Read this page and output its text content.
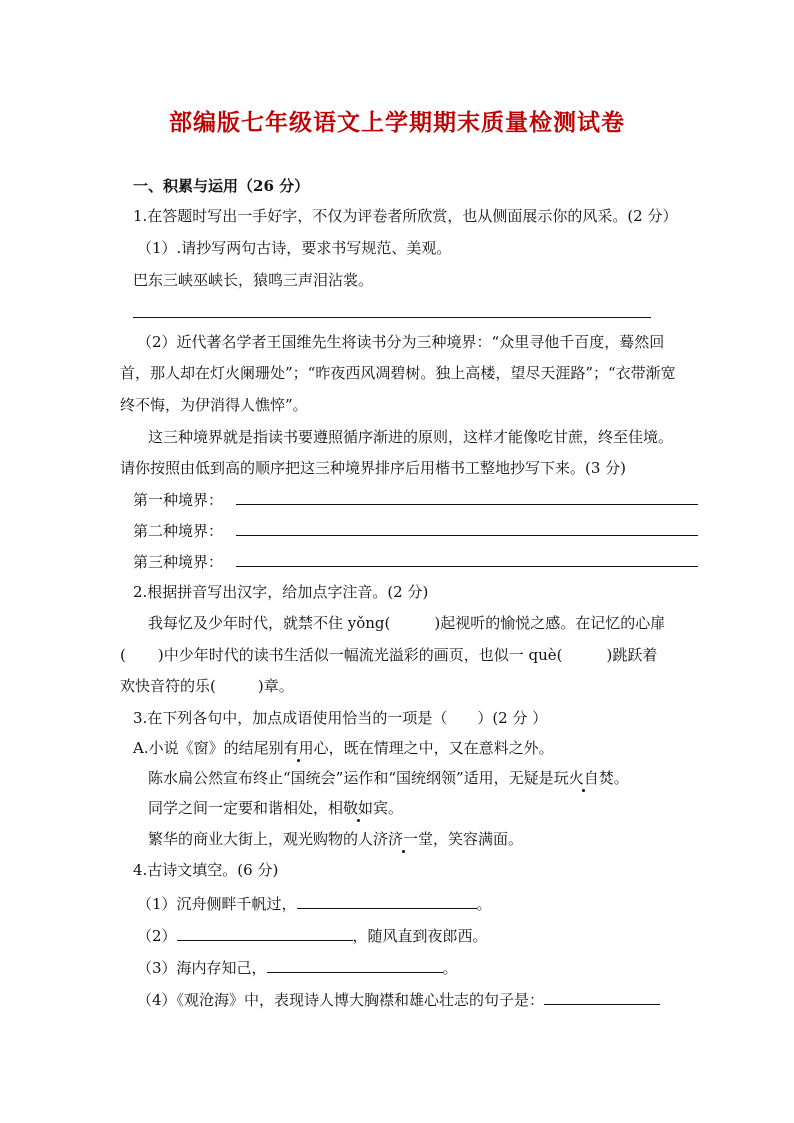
部编版七年级语文上学期期末质量检测试卷
一、积累与运用（26 分）
1.在答题时写出一手好字，不仅为评卷者所欣赏，也从侧面展示你的风采。(2 分）
（1）.请抄写两句古诗，要求书写规范、美观。
巴东三峡巫峡长，猿鸣三声泪沾裳。
（2）近代著名学者王国维先生将读书分为三种境界：“众里寻他千百度，蓦然回
首，那人却在灯火阑珊处”；“昨夜西风凋碧树。独上高楼，望尽天涯路”；“衣带渐宽
终不悔，为伊消得人憔悴”。
这三种境界就是指读书要遵照循序渐进的原则，这样才能像吃甘蔗，终至佳境。
请你按照由低到高的顺序把这三种境界排序后用楷书工整地抄写下来。(3 分)
第一种境界：
第二种境界：
第三种境界：
2.根据拼音写出汉字，给加点字注音。(2 分)
我每忆及少年时代，就禁不住 yǒng(	)起视听的愉悦之感。在记忆的心扉
( )中少年时代的读书生活似一幅流光溢彩的画页，也似一 què(	)跳跃着
欢快音符的乐(	)章。
3.在下列各句中，加点成语使用恰当的一项是（　　）(2 分 ）
A.小说《窗》的结尾别有用心，既在情理之中，又在意料之外。
陈水扁公然宣布终止“国统会”运作和“国统纲领”适用，无疑是玩火自焚。
同学之间一定要和谐相处，相敬如宾。
繁华的商业大街上，观光购物的人济济一堂，笑容满面。
4.古诗文填空。(6 分)
（1）沉舟侧畔千帆过，	。
（2）	，随风直到夜郎西。
（3）海内存知己，	。
（4）《观沧海》中，表现诗人博大胸襟和雄心壮志的句子是：
